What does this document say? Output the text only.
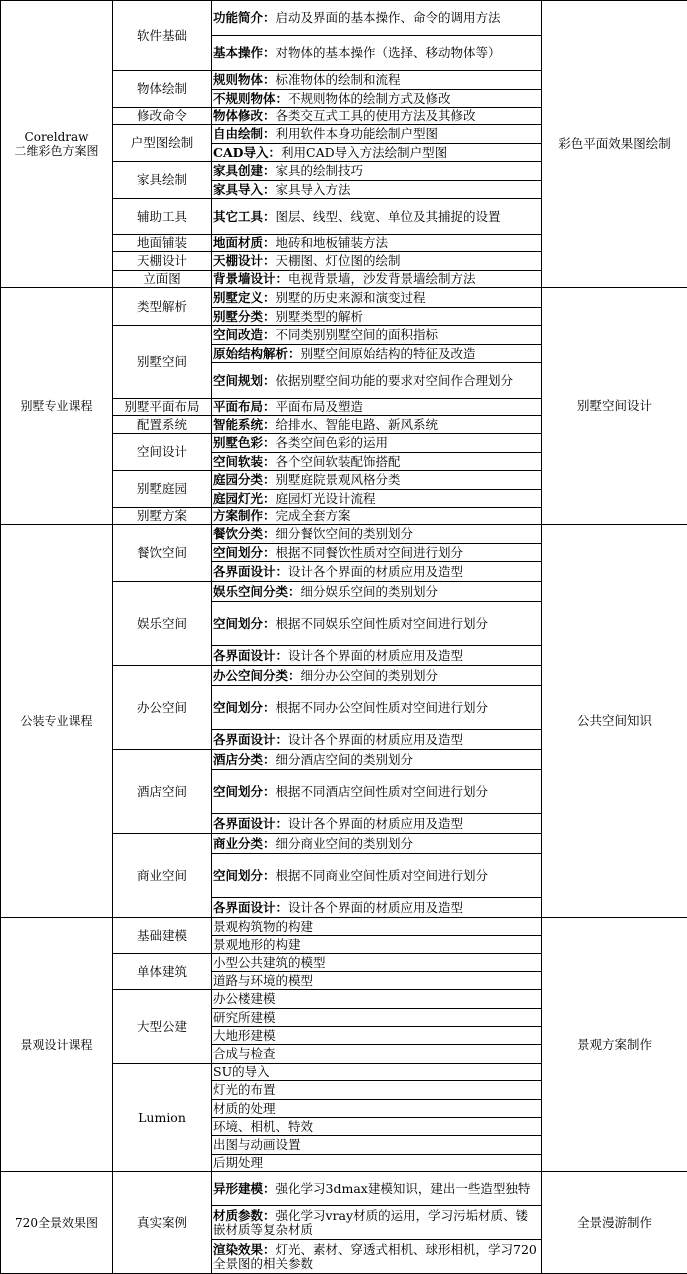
Coreldraw
二维彩色方案图	软件基础	功能简介：启动及界面的基本操作、命令的调用方法	彩色平面效果图绘制
		基本操作：对物体的基本操作（选择、移动物体等）	
	物体绘制	规则物体：标准物体的绘制和流程	
		不规则物体：不规则物体的绘制方式及修改	
	修改命令	物体修改：各类交互式工具的使用方法及其修改	
	户型图绘制	自由绘制：利用软件本身功能绘制户型图	
		CAD导入：利用CAD导入方法绘制户型图	
	家具绘制	家具创建：家具的绘制技巧	
		家具导入：家具导入方法	
	辅助工具	其它工具：图层、线型、线宽、单位及其捕捉的设置	
	地面铺装	地面材质：地砖和地板铺装方法	
	天棚设计	天棚设计：天棚图、灯位图的绘制	
	立面图	背景墙设计：电视背景墙，沙发背景墙绘制方法	

别墅专业课程	类型解析	别墅定义：别墅的历史来源和演变过程	别墅空间设计
		别墅分类：别墅类型的解析	
	别墅空间	空间改造：不同类别别墅空间的面积指标	
		原始结构解析：别墅空间原始结构的特征及改造	
		空间规划：依据别墅空间功能的要求对空间作合理划分	
	别墅平面布局	平面布局：平面布局及塑造	
	配置系统	智能系统：给排水、智能电路、新风系统	
	空间设计	别墅色彩：各类空间色彩的运用	
		空间软装：各个空间软装配饰搭配	
	别墅庭园	庭园分类：别墅庭院景观风格分类	
		庭园灯光：庭园灯光设计流程	
	别墅方案	方案制作：完成全套方案	

公装专业课程	餐饮空间	餐饮分类：细分餐饮空间的类别划分	公共空间知识
		空间划分：根据不同餐饮性质对空间进行划分	
		各界面设计：设计各个界面的材质应用及造型	
	娱乐空间	娱乐空间分类：细分娱乐空间的类别划分	
		空间划分：根据不同娱乐空间性质对空间进行划分	
		各界面设计：设计各个界面的材质应用及造型	
	办公空间	办公空间分类：细分办公空间的类别划分	
		空间划分：根据不同办公空间性质对空间进行划分	
		各界面设计：设计各个界面的材质应用及造型	
	酒店空间	酒店分类：细分酒店空间的类别划分	
		空间划分：根据不同酒店空间性质对空间进行划分	
		各界面设计：设计各个界面的材质应用及造型	
	商业空间	商业分类：细分商业空间的类别划分	
		空间划分：根据不同商业空间性质对空间进行划分	
		各界面设计：设计各个界面的材质应用及造型	

景观设计课程	基础建模	景观构筑物的构建	景观方案制作
		景观地形的构建	
	单体建筑	小型公共建筑的模型	
		道路与环境的模型	
	大型公建	办公楼建模	
		研究所建模	
		大地形建模	
		合成与检查	
	Lumion	SU的导入	
		灯光的布置	
		材质的处理	
		环境、相机、特效	
		出图与动画设置	
		后期处理	

720全景效果图	真实案例	异形建模：强化学习3dmax建模知识，建出一些造型独特	全景漫游制作
		材质参数：强化学习vray材质的运用，学习污垢材质、镂嵌材质等复杂材质	
		渲染效果：灯光、素材、穿透式相机、球形相机，学习720全景图的相关参数	
